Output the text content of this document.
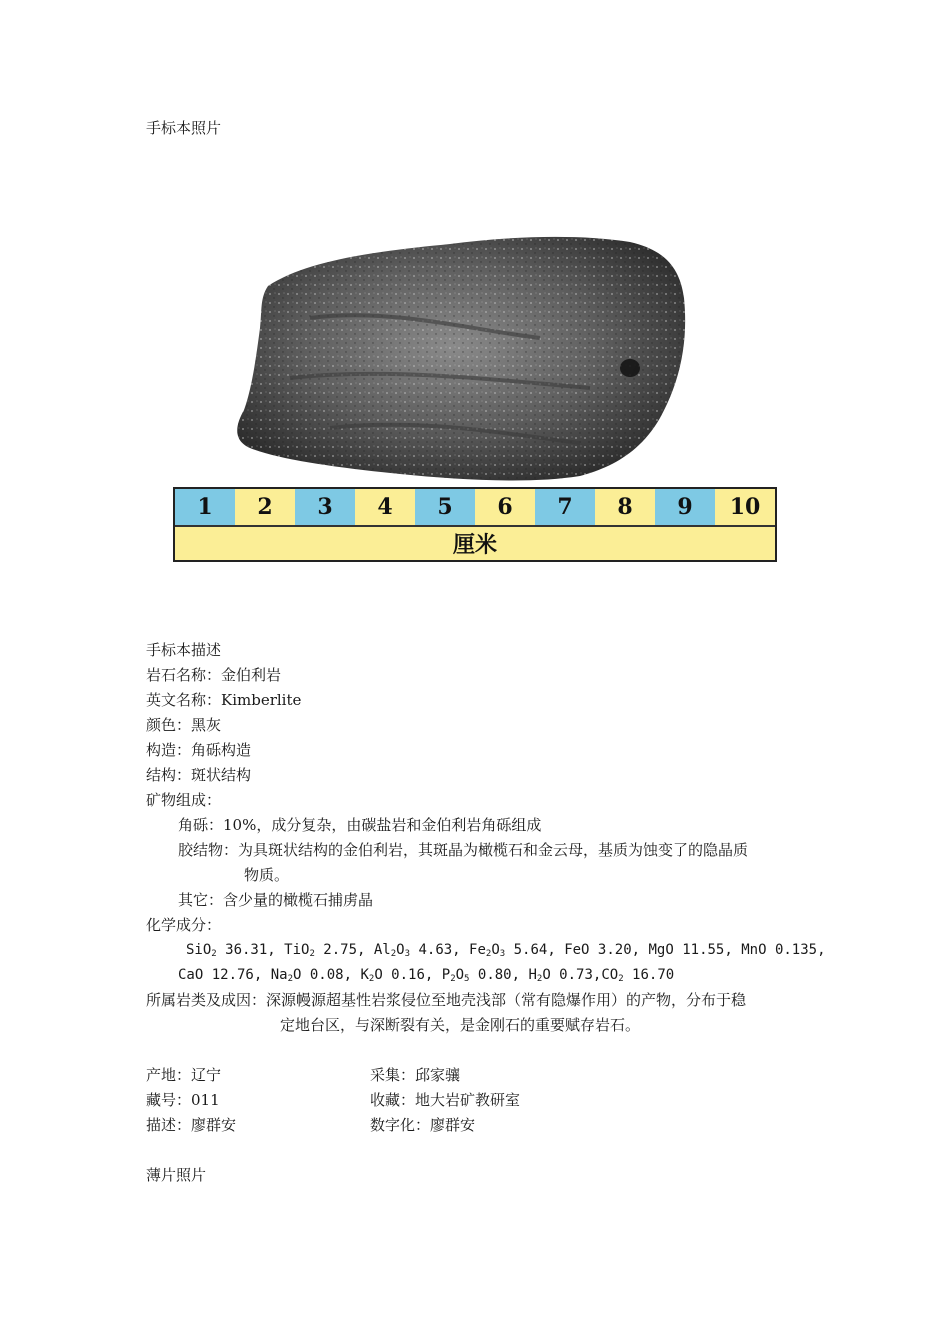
手标本照片
1	2	3	4	5	6	7	8	9	10
厘米
手标本描述
岩石名称：金伯利岩
英文名称：Kimberlite
颜色：黑灰
构造：角砾构造
结构：斑状结构
矿物组成：
角砾：10%，成分复杂，由碳盐岩和金伯利岩角砾组成
胶结物：为具斑状结构的金伯利岩，其斑晶为橄榄石和金云母，基质为蚀变了的隐晶质
物质。
其它：含少量的橄榄石捕虏晶
化学成分：
SiO$_2$ 36.31, TiO$_2$ 2.75, $Al_2O_3$ 4.63, $Fe_2O_3$ 5.64, FeO 3.20, MgO 11.55, MnO 0.135,
CaO 12.76, $Na_2O$ 0.08, $K_2O$ 0.16, $P_2O_5$ 0.80, $H_2O$ $0.73,CO_2$ 16.70
所属岩类及成因：深源幔源超基性岩浆侵位至地壳浅部（常有隐爆作用）的产物，分布于稳
定地台区，与深断裂有关，是金刚石的重要赋存岩石。
产地：辽宁	采集：邱家骧
藏号：011	收藏：地大岩矿教研室
描述：廖群安	数字化：廖群安
薄片照片
